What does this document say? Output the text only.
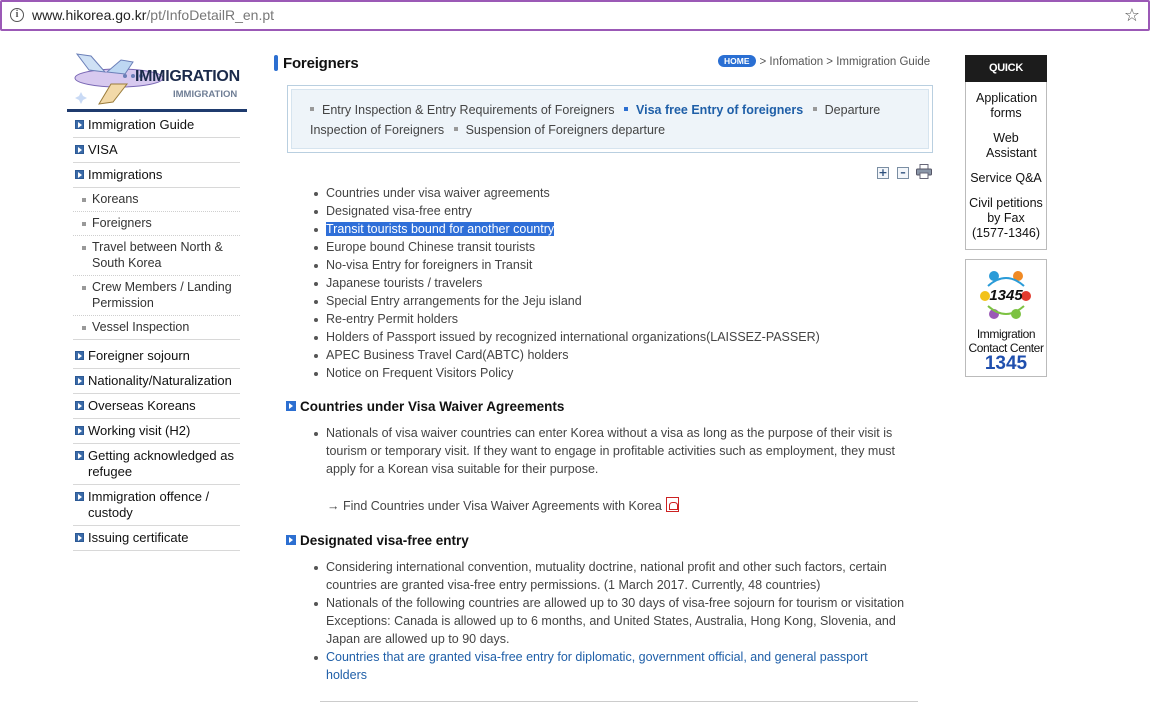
i www.hikorea.go.kr/pt/InfoDetailR_en.pt	☆
IMMIGRATION
IMMIGRATION
Immigration Guide
VISA
Immigrations
Koreans
Foreigners
Travel between North & South Korea
Crew Members / Landing Permission
Vessel Inspection
Foreigner sojourn
Nationality/Naturalization
Overseas Koreans
Working visit (H2)
Getting acknowledged as refugee
Immigration offence / custody
Issuing certificate
Foreigners	HOME > Infomation > Immigration Guide
Entry Inspection & Entry Requirements of Foreigners Visa free Entry of foreigners Departure Inspection of Foreigners Suspension of Foreigners departure
+ –
Countries under visa waiver agreements
Designated visa-free entry
Transit tourists bound for another country
Europe bound Chinese transit tourists
No-visa Entry for foreigners in Transit
Japanese tourists / travelers
Special Entry arrangements for the Jeju island
Re-entry Permit holders
Holders of Passport issued by recognized international organizations(LAISSEZ-PASSER)
APEC Business Travel Card(ABTC) holders
Notice on Frequent Visitors Policy
Countries under Visa Waiver Agreements
Nationals of visa waiver countries can enter Korea without a visa as long as the purpose of their visit is tourism or temporary visit. If they want to engage in profitable activities such as employment, they must apply for a Korean visa suitable for their purpose.
→ Find Countries under Visa Waiver Agreements with Korea
Designated visa-free entry
Considering international convention, mutuality doctrine, national profit and other such factors, certain countries are granted visa-free entry permissions. (1 March 2017. Currently, 48 countries)
Nationals of the following countries are allowed up to 30 days of visa-free sojourn for tourism or visitation
Exceptions: Canada is allowed up to 6 months, and United States, Australia, Hong Kong, Slovenia, and Japan are allowed up to 90 days.
Countries that are granted visa-free entry for diplomatic, government official, and general passport holders
QUICK
Application forms
Web Assistant
Service Q&A
Civil petitions by Fax (1577-1346)
1345
Immigration Contact Center
1345
